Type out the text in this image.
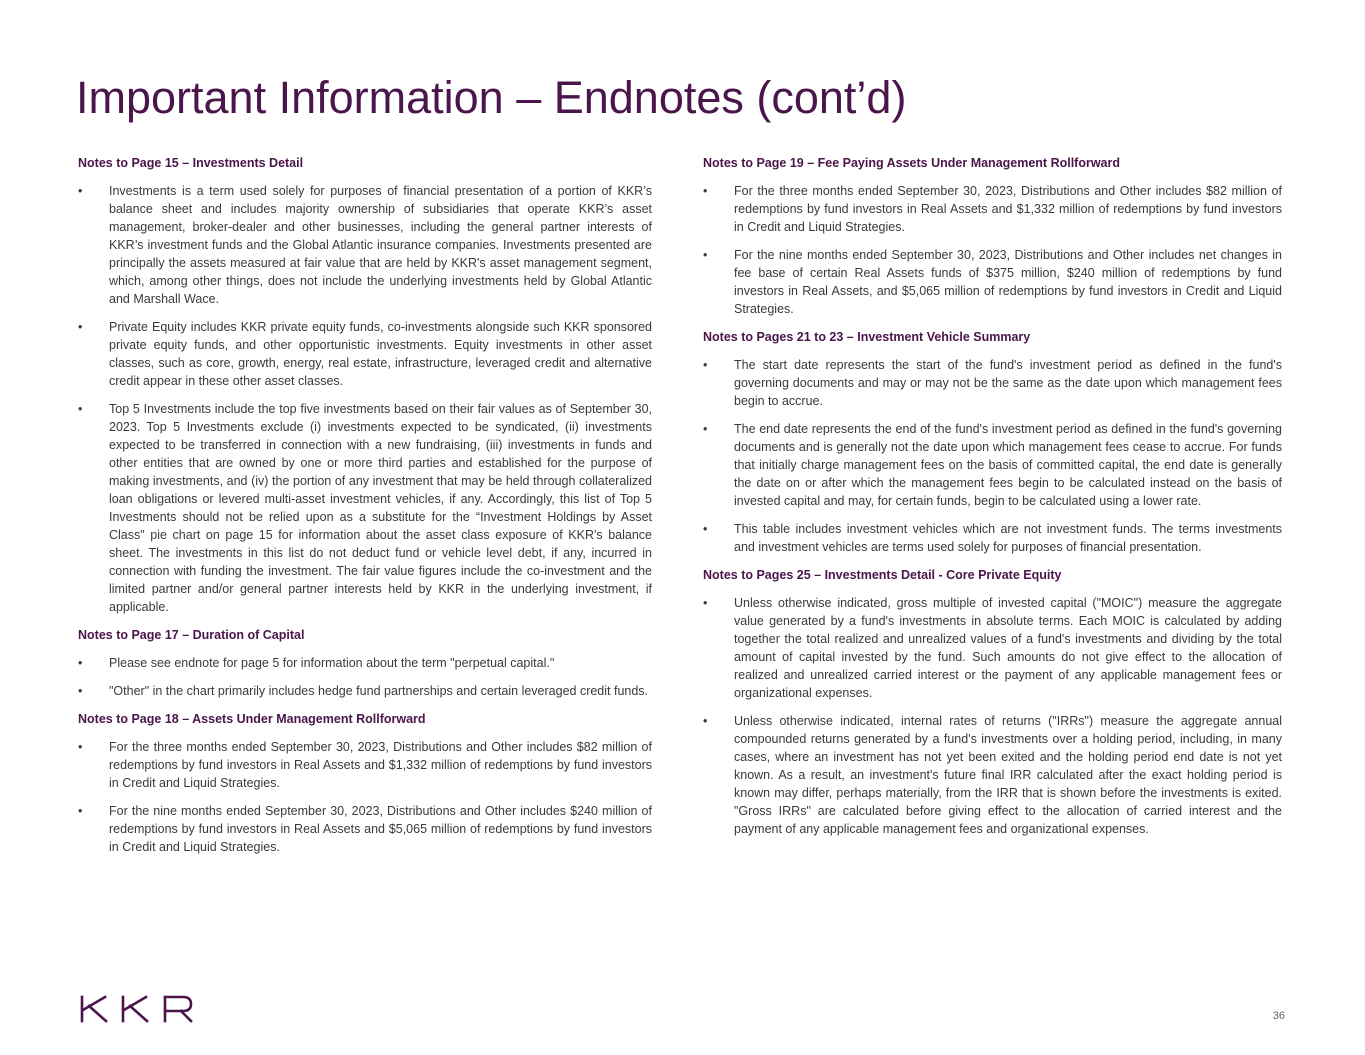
Important Information – Endnotes (cont’d)
Notes to Page 15 – Investments Detail
•	Investments is a term used solely for purposes of financial presentation of a portion of KKR’s balance sheet and includes majority ownership of subsidiaries that operate KKR’s asset management, broker-dealer and other businesses, including the general partner interests of KKR’s investment funds and the Global Atlantic insurance companies. Investments presented are principally the assets measured at fair value that are held by KKR's asset management segment, which, among other things, does not include the underlying investments held by Global Atlantic and Marshall Wace.
•	Private Equity includes KKR private equity funds, co-investments alongside such KKR sponsored private equity funds, and other opportunistic investments. Equity investments in other asset classes, such as core, growth, energy, real estate, infrastructure, leveraged credit and alternative credit appear in these other asset classes.
•	Top 5 Investments include the top five investments based on their fair values as of September 30, 2023. Top 5 Investments exclude (i) investments expected to be syndicated, (ii) investments expected to be transferred in connection with a new fundraising, (iii) investments in funds and other entities that are owned by one or more third parties and established for the purpose of making investments, and (iv) the portion of any investment that may be held through collateralized loan obligations or levered multi-asset investment vehicles, if any. Accordingly, this list of Top 5 Investments should not be relied upon as a substitute for the “Investment Holdings by Asset Class" pie chart on page 15 for information about the asset class exposure of KKR's balance sheet. The investments in this list do not deduct fund or vehicle level debt, if any, incurred in connection with funding the investment. The fair value figures include the co-investment and the limited partner and/or general partner interests held by KKR in the underlying investment, if applicable.
Notes to Page 17 – Duration of Capital
•	Please see endnote for page 5 for information about the term "perpetual capital."
•	"Other" in the chart primarily includes hedge fund partnerships and certain leveraged credit funds.
Notes to Page 18 – Assets Under Management Rollforward
•	For the three months ended September 30, 2023, Distributions and Other includes $82 million of redemptions by fund investors in Real Assets and $1,332 million of redemptions by fund investors in Credit and Liquid Strategies.
•	For the nine months ended September 30, 2023, Distributions and Other includes $240 million of redemptions by fund investors in Real Assets and $5,065 million of redemptions by fund investors in Credit and Liquid Strategies.
Notes to Page 19 – Fee Paying Assets Under Management Rollforward
•	For the three months ended September 30, 2023, Distributions and Other includes $82 million of redemptions by fund investors in Real Assets and $1,332 million of redemptions by fund investors in Credit and Liquid Strategies.
•	For the nine months ended September 30, 2023, Distributions and Other includes net changes in fee base of certain Real Assets funds of $375 million, $240 million of redemptions by fund investors in Real Assets, and $5,065 million of redemptions by fund investors in Credit and Liquid Strategies.
Notes to Pages 21 to 23 – Investment Vehicle Summary
•	The start date represents the start of the fund's investment period as defined in the fund's governing documents and may or may not be the same as the date upon which management fees begin to accrue.
•	The end date represents the end of the fund's investment period as defined in the fund's governing documents and is generally not the date upon which management fees cease to accrue. For funds that initially charge management fees on the basis of committed capital, the end date is generally the date on or after which the management fees begin to be calculated instead on the basis of invested capital and may, for certain funds, begin to be calculated using a lower rate.
•	This table includes investment vehicles which are not investment funds. The terms investments and investment vehicles are terms used solely for purposes of financial presentation.
Notes to Pages 25 – Investments Detail - Core Private Equity
•	Unless otherwise indicated, gross multiple of invested capital ("MOIC") measure the aggregate value generated by a fund's investments in absolute terms. Each MOIC is calculated by adding together the total realized and unrealized values of a fund's investments and dividing by the total amount of capital invested by the fund. Such amounts do not give effect to the allocation of realized and unrealized carried interest or the payment of any applicable management fees or organizational expenses.
•	Unless otherwise indicated, internal rates of returns ("IRRs") measure the aggregate annual compounded returns generated by a fund's investments over a holding period, including, in many cases, where an investment has not yet been exited and the holding period end date is not yet known. As a result, an investment's future final IRR calculated after the exact holding period is known may differ, perhaps materially, from the IRR that is shown before the investments is exited. "Gross IRRs" are calculated before giving effect to the allocation of carried interest and the payment of any applicable management fees and organizational expenses.
36
